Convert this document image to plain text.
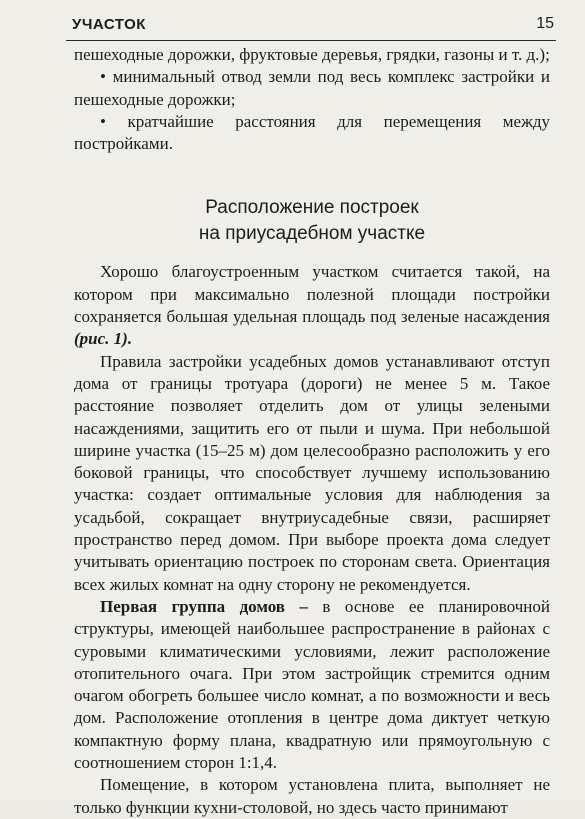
УЧАСТОК	15

пешеходные дорожки, фруктовые деревья, грядки, газоны и т. д.);

• минимальный отвод земли под весь комплекс застройки и пешеходные дорожки;

• кратчайшие расстояния для перемещения между постройками.

Расположение построек
на приусадебном участке

Хорошо благоустроенным участком считается такой, на котором при максимально полезной площади постройки сохраняется большая удельная площадь под зеленые насаждения (рис. 1).

Правила застройки усадебных домов устанавливают отступ дома от границы тротуара (дороги) не менее 5 м. Такое расстояние позволяет отделить дом от улицы зелеными насаждениями, защитить его от пыли и шума. При небольшой ширине участка (15–25 м) дом целесообразно расположить у его боковой границы, что способствует лучшему использованию участка: создает оптимальные условия для наблюдения за усадьбой, сокращает внутриусадебные связи, расширяет пространство перед домом. При выборе проекта дома следует учитывать ориентацию построек по сторонам света. Ориентация всех жилых комнат на одну сторону не рекомендуется.

Первая группа домов – в основе ее планировочной структуры, имеющей наибольшее распространение в районах с суровыми климатическими условиями, лежит расположение отопительного очага. При этом застройщик стремится одним очагом обогреть большее число комнат, а по возможности и весь дом. Расположение отопления в центре дома диктует четкую компактную форму плана, квадратную или прямоугольную с соотношением сторон 1:1,4.

Помещение, в котором установлена плита, выполняет не только функции кухни-столовой, но здесь часто принимают
